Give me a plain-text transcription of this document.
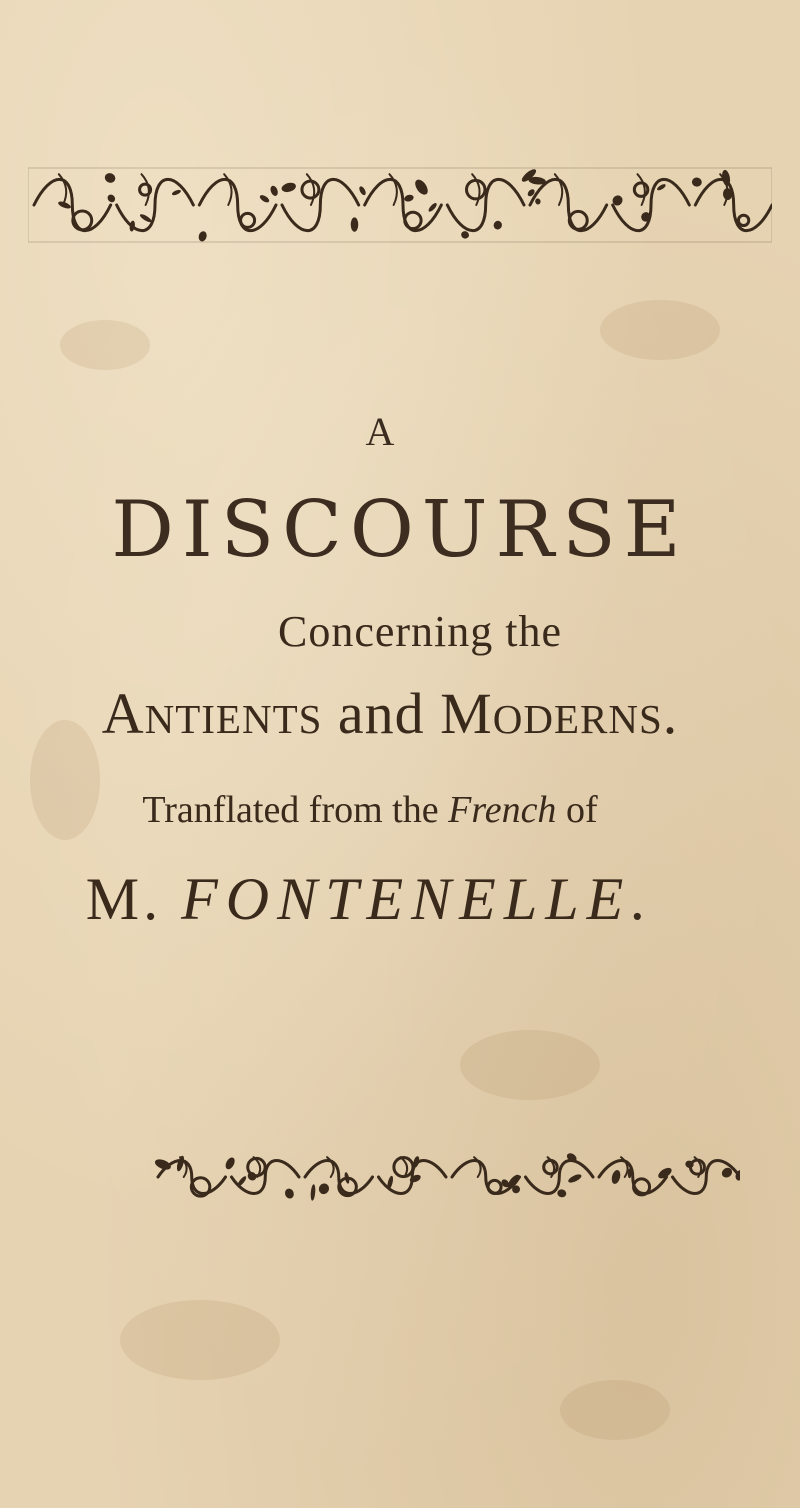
A
DISCOURSE
Concerning the
Antients and Moderns.
Tranflated from the French of
M. FONTENELLE.
